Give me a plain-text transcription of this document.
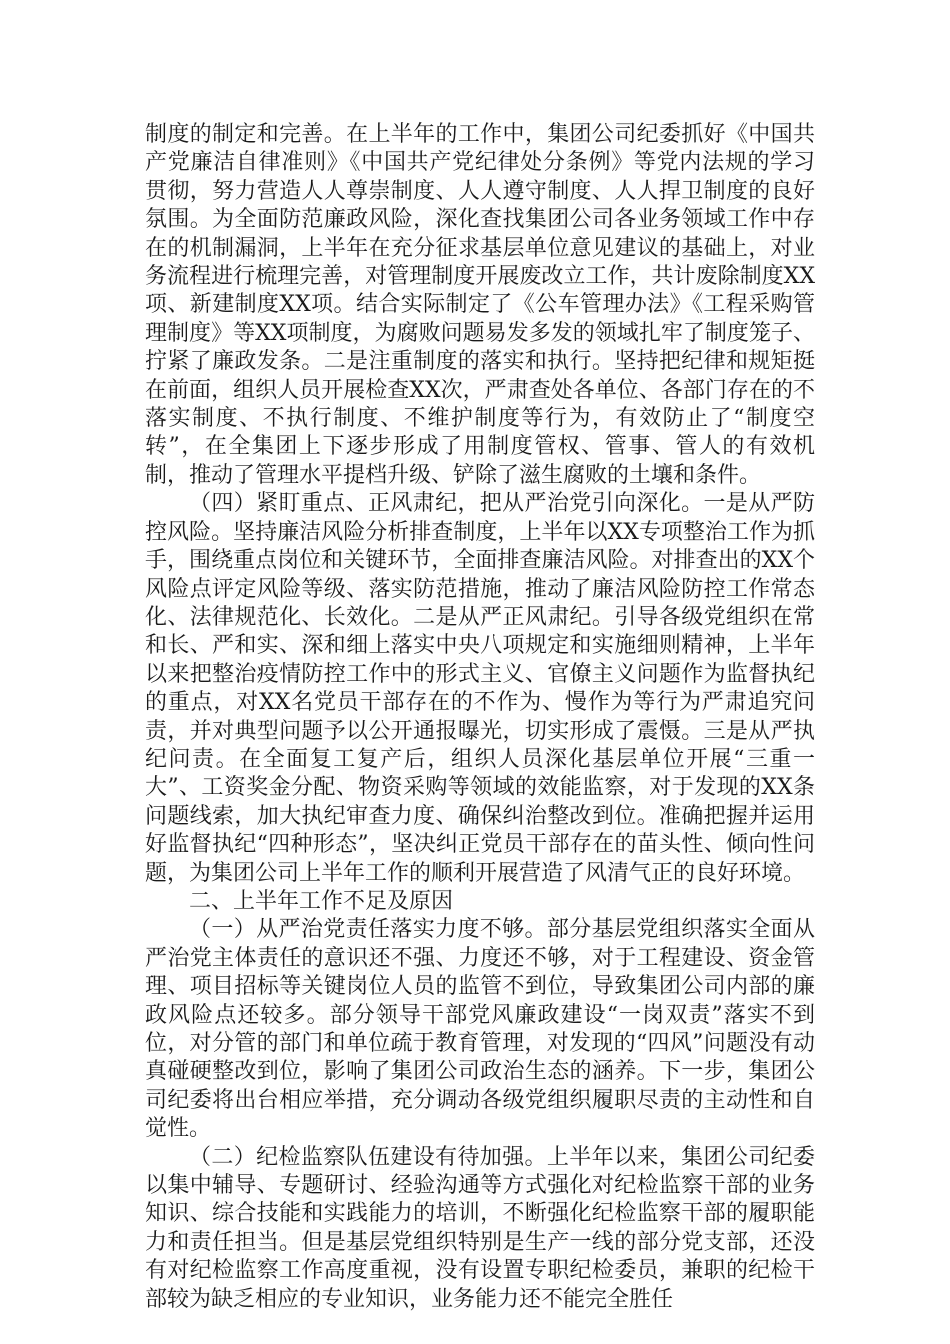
制度的制定和完善。在上半年的工作中，集团公司纪委抓好《中国共产党廉洁自律准则》《中国共产党纪律处分条例》等党内法规的学习贯彻，努力营造人人尊崇制度、人人遵守制度、人人捍卫制度的良好氛围。为全面防范廉政风险，深化查找集团公司各业务领域工作中存在的机制漏洞，上半年在充分征求基层单位意见建议的基础上，对业务流程进行梳理完善，对管理制度开展废改立工作，共计废除制度XX项、新建制度XX项。结合实际制定了《公车管理办法》《工程采购管理制度》等XX项制度，为腐败问题易发多发的领域扎牢了制度笼子、拧紧了廉政发条。二是注重制度的落实和执行。坚持把纪律和规矩挺在前面，组织人员开展检查XX次，严肃查处各单位、各部门存在的不落实制度、不执行制度、不维护制度等行为，有效防止了“制度空转”，在全集团上下逐步形成了用制度管权、管事、管人的有效机制，推动了管理水平提档升级、铲除了滋生腐败的土壤和条件。

（四）紧盯重点、正风肃纪，把从严治党引向深化。一是从严防控风险。坚持廉洁风险分析排查制度，上半年以XX专项整治工作为抓手，围绕重点岗位和关键环节，全面排查廉洁风险。对排查出的XX个风险点评定风险等级、落实防范措施，推动了廉洁风险防控工作常态化、法律规范化、长效化。二是从严正风肃纪。引导各级党组织在常和长、严和实、深和细上落实中央八项规定和实施细则精神，上半年以来把整治疫情防控工作中的形式主义、官僚主义问题作为监督执纪的重点，对XX名党员干部存在的不作为、慢作为等行为严肃追究问责，并对典型问题予以公开通报曝光，切实形成了震慑。三是从严执纪问责。在全面复工复产后，组织人员深化基层单位开展“三重一大”、工资奖金分配、物资采购等领域的效能监察，对于发现的XX条问题线索，加大执纪审查力度、确保纠治整改到位。准确把握并运用好监督执纪“四种形态”，坚决纠正党员干部存在的苗头性、倾向性问题，为集团公司上半年工作的顺利开展营造了风清气正的良好环境。

二、上半年工作不足及原因

（一）从严治党责任落实力度不够。部分基层党组织落实全面从严治党主体责任的意识还不强、力度还不够，对于工程建设、资金管理、项目招标等关键岗位人员的监管不到位，导致集团公司内部的廉政风险点还较多。部分领导干部党风廉政建设“一岗双责”落实不到位，对分管的部门和单位疏于教育管理，对发现的“四风”问题没有动真碰硬整改到位，影响了集团公司政治生态的涵养。下一步，集团公司纪委将出台相应举措，充分调动各级党组织履职尽责的主动性和自觉性。

（二）纪检监察队伍建设有待加强。上半年以来，集团公司纪委以集中辅导、专题研讨、经验沟通等方式强化对纪检监察干部的业务知识、综合技能和实践能力的培训，不断强化纪检监察干部的履职能力和责任担当。但是基层党组织特别是生产一线的部分党支部，还没有对纪检监察工作高度重视，没有设置专职纪检委员，兼职的纪检干部较为缺乏相应的专业知识，业务能力还不能完全胜任
